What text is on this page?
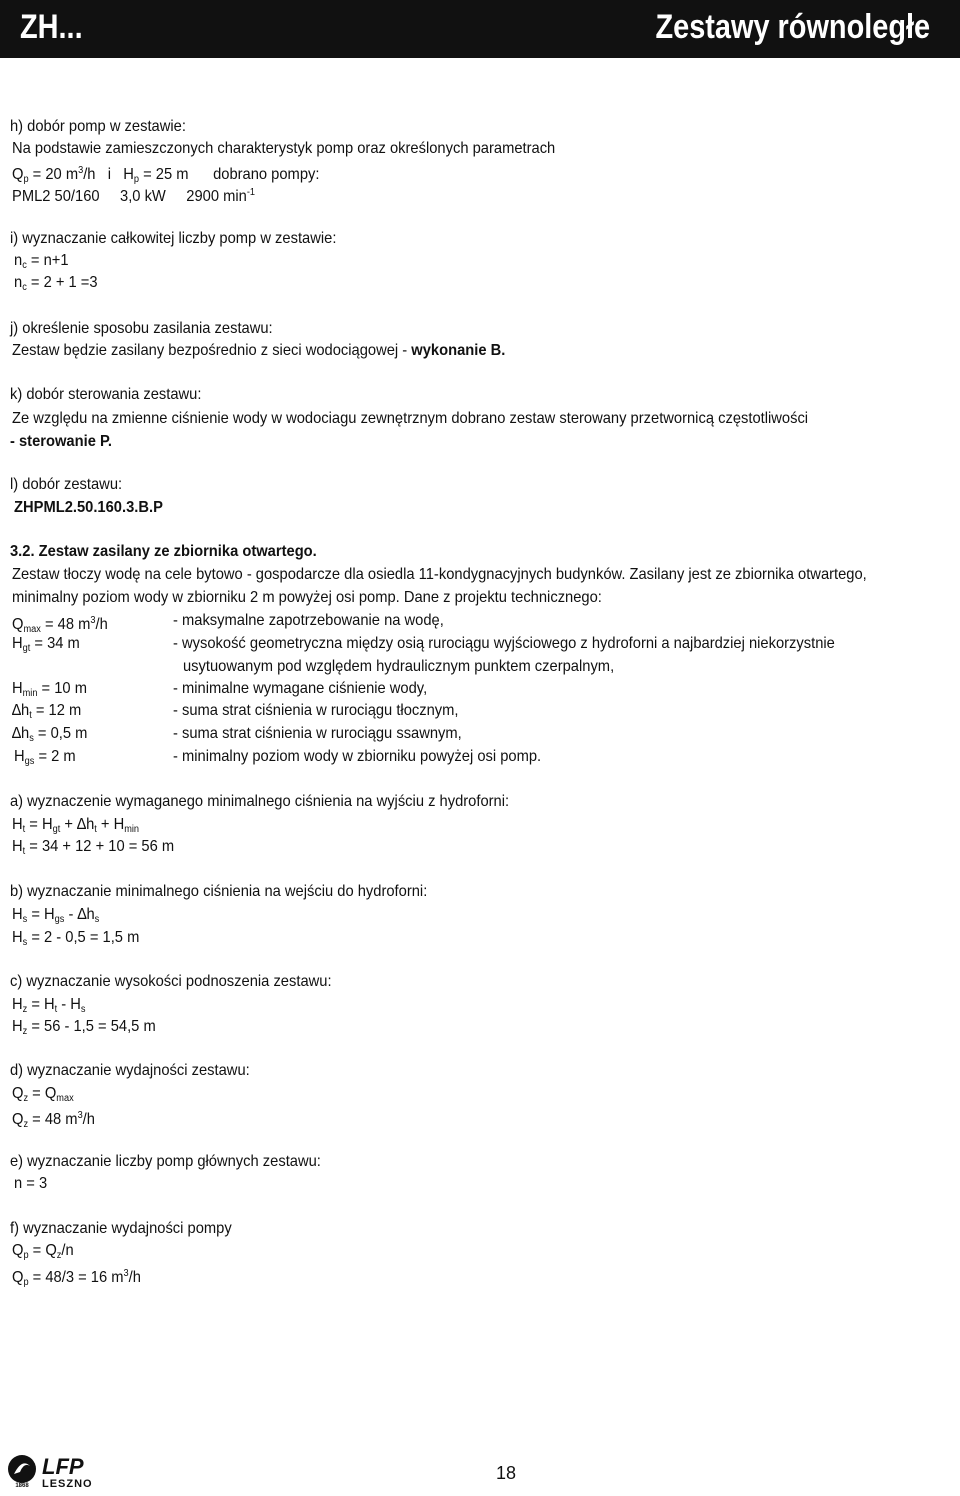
ZH...	Zestawy równoległe
h) dobór pomp w zestawie:
Na podstawie zamieszczonych charakterystyk pomp oraz określonych parametrach
$Q_p = 20$ $m^3/h$   i   $H_p = 25$ m      dobrano pompy:
PML2 50/160     3,0 kW     2900 $\min^{-1}$
i) wyznaczanie całkowitej liczby pomp w zestawie:
$n_c = n+1$
$n_c = 2 + 1 =3$
j) określenie sposobu zasilania zestawu:
Zestaw będzie zasilany bezpośrednio z sieci wodociągowej - wykonanie B.
k) dobór sterowania zestawu:
Ze względu na zmienne ciśnienie wody w wodociagu zewnętrznym dobrano zestaw sterowany przetwornicą częstotliwości
- sterowanie P.
l) dobór zestawu:
ZHPML2.50.160.3.B.P
3.2. Zestaw zasilany ze zbiornika otwartego.
Zestaw tłoczy wodę na cele bytowo - gospodarcze dla osiedla 11-kondygnacyjnych budynków. Zasilany jest ze zbiornika otwartego,
minimalny poziom wody w zbiorniku 2 m powyżej osi pomp. Dane z projektu technicznego:
$Q_{max} = 48$ $m^3/h$	- maksymalne zapotrzebowanie na wodę,
$H_{gt} = 34$ m	- wysokość geometryczna między osią rurociągu wyjściowego z hydroforni a najbardziej niekorzystnie
usytuowanym pod względem hydraulicznym punktem czerpalnym,
$H_{min} = 10$ m	- minimalne wymagane ciśnienie wody,
$\Delta h_t = 12$ m	- suma strat ciśnienia w rurociągu tłocznym,
$\Delta h_s = 0,5$ m	- suma strat ciśnienia w rurociągu ssawnym,
$H_{gs} = 2$ m	- minimalny poziom wody w zbiorniku powyżej osi pomp.
a) wyznaczenie wymaganego minimalnego ciśnienia na wyjściu z hydroforni:
$H_t = H_{gt} + \Delta h_t + H_{min}$
$H_t = 34 + 12 + 10 = 56$ m
b) wyznaczanie minimalnego ciśnienia na wejściu do hydroforni:
$H_s = H_{gs} - \Delta h_s$
$H_s = 2 - 0,5 = 1,5$ m
c) wyznaczanie wysokości podnoszenia zestawu:
$H_z = H_t - H_s$
$H_z = 56 - 1,5 = 54,5$ m
d) wyznaczanie wydajności zestawu:
$Q_z = Q_{max}$
$Q_z = 48$ $m^3/h$
e) wyznaczanie liczby pomp głównych zestawu:
n = 3
f) wyznaczanie wydajności pompy
$Q_p = Q_z/n$
$Q_p = 48/3 = 16$ $m^3/h$
1868
LFP
LESZNO
18
